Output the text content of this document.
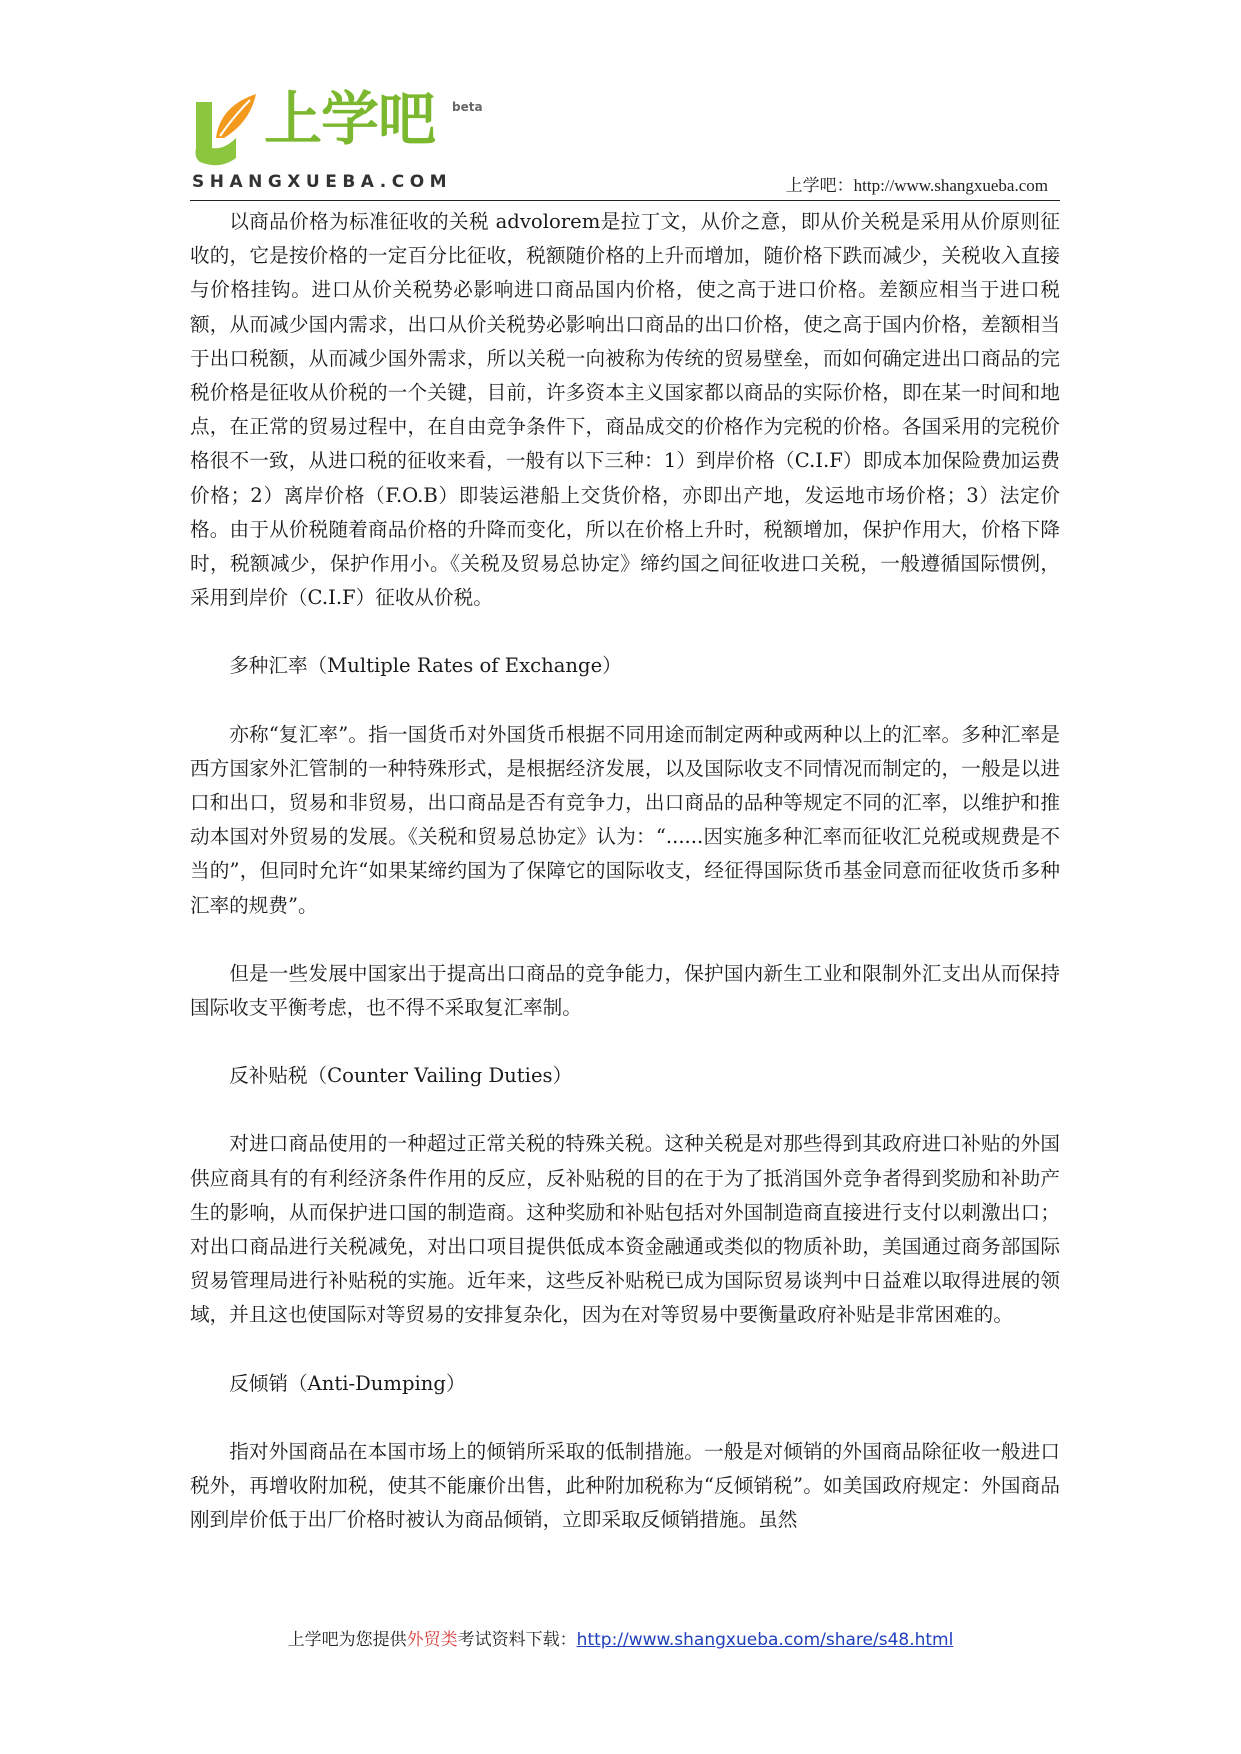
上学吧 beta
SHANGXUEBA.COM	上学吧：http://www.shangxueba.com

以商品价格为标准征收的关税 advolorem是拉丁文，从价之意，即从价关税是采用从价原则征收的，它是按价格的一定百分比征收，税额随价格的上升而增加，随价格下跌而减少，关税收入直接与价格挂钩。进口从价关税势必影响进口商品国内价格，使之高于进口价格。差额应相当于进口税额，从而减少国内需求，出口从价关税势必影响出口商品的出口价格，使之高于国内价格，差额相当于出口税额，从而减少国外需求，所以关税一向被称为传统的贸易壁垒，而如何确定进出口商品的完税价格是征收从价税的一个关键，目前，许多资本主义国家都以商品的实际价格，即在某一时间和地点，在正常的贸易过程中，在自由竞争条件下，商品成交的价格作为完税的价格。各国采用的完税价格很不一致，从进口税的征收来看，一般有以下三种：1）到岸价格（C.I.F）即成本加保险费加运费价格；2）离岸价格（F.O.B）即装运港船上交货价格，亦即出产地，发运地市场价格；3）法定价格。由于从价税随着商品价格的升降而变化，所以在价格上升时，税额增加，保护作用大，价格下降时，税额减少，保护作用小。《关税及贸易总协定》缔约国之间征收进口关税，一般遵循国际惯例，采用到岸价（C.I.F）征收从价税。

多种汇率（Multiple Rates of Exchange）

亦称“复汇率”。指一国货币对外国货币根据不同用途而制定两种或两种以上的汇率。多种汇率是西方国家外汇管制的一种特殊形式，是根据经济发展，以及国际收支不同情况而制定的，一般是以进口和出口，贸易和非贸易，出口商品是否有竞争力，出口商品的品种等规定不同的汇率，以维护和推动本国对外贸易的发展。《关税和贸易总协定》认为：“......因实施多种汇率而征收汇兑税或规费是不当的”，但同时允许“如果某缔约国为了保障它的国际收支，经征得国际货币基金同意而征收货币多种汇率的规费”。

但是一些发展中国家出于提高出口商品的竞争能力，保护国内新生工业和限制外汇支出从而保持国际收支平衡考虑，也不得不采取复汇率制。

反补贴税（Counter Vailing Duties）

对进口商品使用的一种超过正常关税的特殊关税。这种关税是对那些得到其政府进口补贴的外国供应商具有的有利经济条件作用的反应，反补贴税的目的在于为了抵消国外竞争者得到奖励和补助产生的影响，从而保护进口国的制造商。这种奖励和补贴包括对外国制造商直接进行支付以刺激出口；对出口商品进行关税减免，对出口项目提供低成本资金融通或类似的物质补助，美国通过商务部国际贸易管理局进行补贴税的实施。近年来，这些反补贴税已成为国际贸易谈判中日益难以取得进展的领域，并且这也使国际对等贸易的安排复杂化，因为在对等贸易中要衡量政府补贴是非常困难的。

反倾销（Anti-Dumping）

指对外国商品在本国市场上的倾销所采取的低制措施。一般是对倾销的外国商品除征收一般进口税外，再增收附加税，使其不能廉价出售，此种附加税称为“反倾销税”。如美国政府规定：外国商品刚到岸价低于出厂价格时被认为商品倾销，立即采取反倾销措施。虽然

上学吧为您提供外贸类考试资料下载：http://www.shangxueba.com/share/s48.html
